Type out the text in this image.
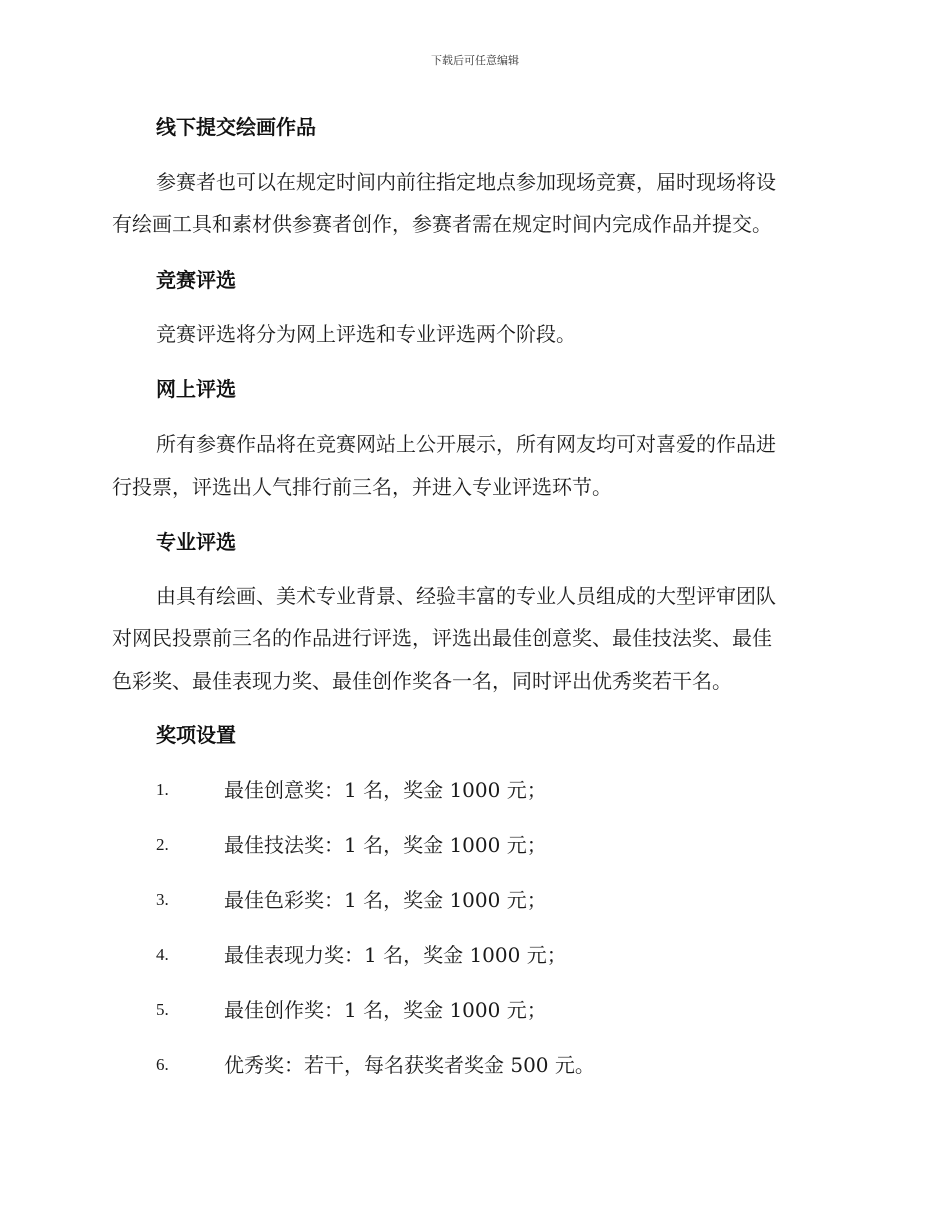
下载后可任意编辑
线下提交绘画作品
参赛者也可以在规定时间内前往指定地点参加现场竞赛，届时现场将设
有绘画工具和素材供参赛者创作，参赛者需在规定时间内完成作品并提交。
竞赛评选
竞赛评选将分为网上评选和专业评选两个阶段。
网上评选
所有参赛作品将在竞赛网站上公开展示，所有网友均可对喜爱的作品进
行投票，评选出人气排行前三名，并进入专业评选环节。
专业评选
由具有绘画、美术专业背景、经验丰富的专业人员组成的大型评审团队
对网民投票前三名的作品进行评选，评选出最佳创意奖、最佳技法奖、最佳
色彩奖、最佳表现力奖、最佳创作奖各一名，同时评出优秀奖若干名。
奖项设置
1.	最佳创意奖：1 名，奖金 1000 元；
2.	最佳技法奖：1 名，奖金 1000 元；
3.	最佳色彩奖：1 名，奖金 1000 元；
4.	最佳表现力奖：1 名，奖金 1000 元；
5.	最佳创作奖：1 名，奖金 1000 元；
6.	优秀奖：若干，每名获奖者奖金 500 元。
